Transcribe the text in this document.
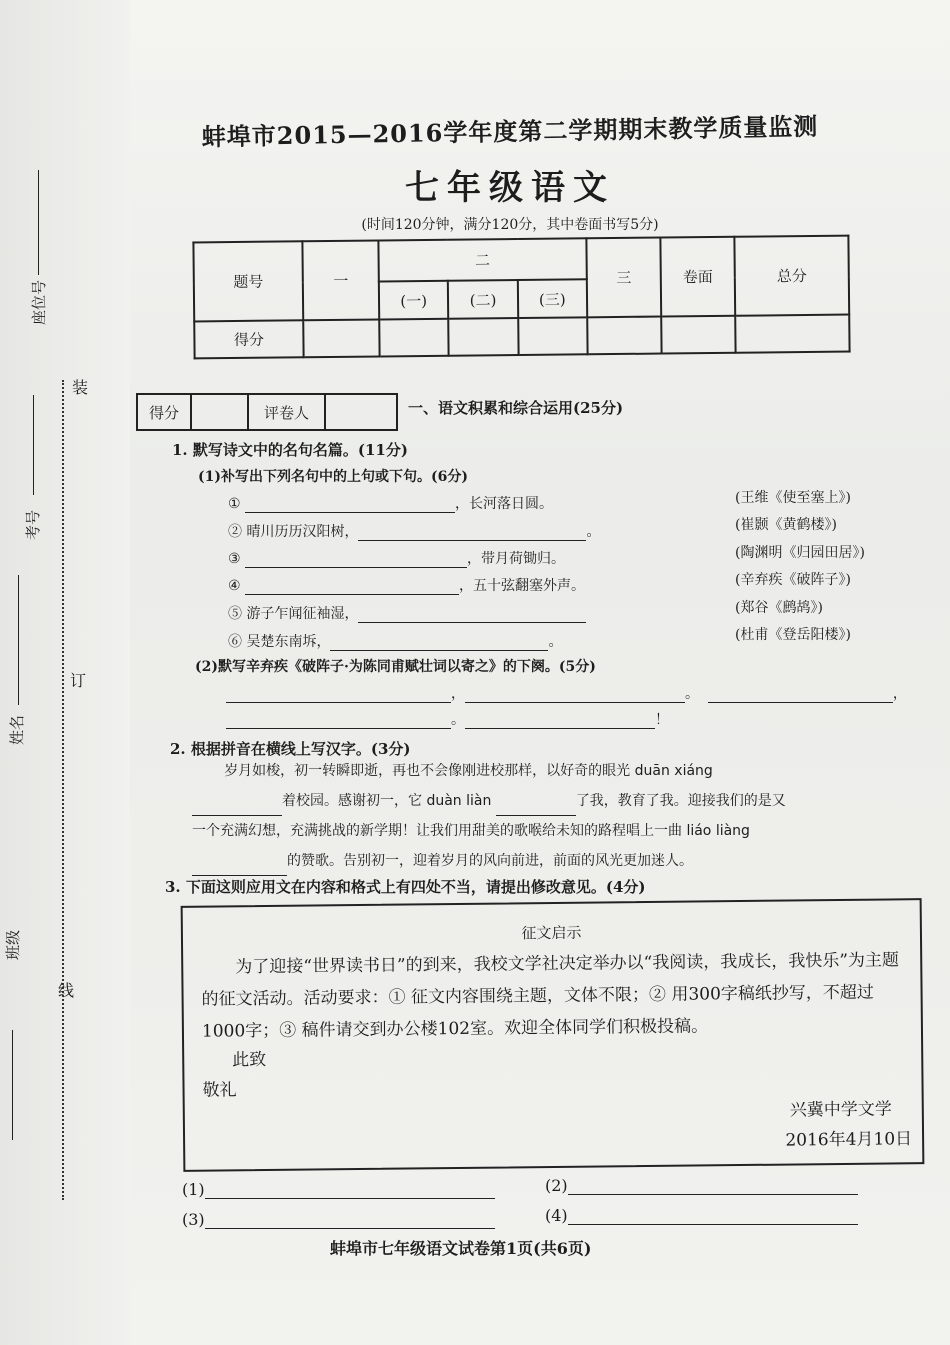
座位号
考号
姓名
班级
装
订
线
蚌埠市2015—2016学年度第二学期期末教学质量监测
七年级语文
(时间120分钟，满分120分，其中卷面书写5分)
题号	一	二			三	卷面	总分
		(一)	(二)	(三)			
得分							
得分	评卷人	一、语文积累和综合运用(25分)
1. 默写诗文中的名句名篇。(11分)
(1)补写出下列名句中的上句或下句。(6分)
①	，长河落日圆。	(王维《使至塞上》)
② 晴川历历汉阳树，	。	(崔颢《黄鹤楼》)
③	，带月荷锄归。	(陶渊明《归园田居》)
④	，五十弦翻塞外声。	(辛弃疾《破阵子》)
⑤ 游子乍闻征袖湿，	(郑谷《鹧鸪》)
⑥ 吴楚东南坼，	。	(杜甫《登岳阳楼》)
(2)默写辛弃疾《破阵子·为陈同甫赋壮词以寄之》的下阕。(5分)
，	。	，
。	！
2. 根据拼音在横线上写汉字。(3分)
岁月如梭，初一转瞬即逝，再也不会像刚进校那样，以好奇的眼光 duān xiáng
着校园。感谢初一，它 duàn liàn	了我，教育了我。迎接我们的是又
一个充满幻想，充满挑战的新学期！让我们用甜美的歌喉给未知的路程唱上一曲 liáo liàng
的赞歌。告别初一，迎着岁月的风向前进，前面的风光更加迷人。
3. 下面这则应用文在内容和格式上有四处不当，请提出修改意见。(4分)
征文启示
为了迎接“世界读书日”的到来，我校文学社决定举办以“我阅读，我成长，我快乐”为主题的征文活动。活动要求：① 征文内容围绕主题，文体不限；② 用300字稿纸抄写，不超过1000字；③ 稿件请交到办公楼102室。欢迎全体同学们积极投稿。
此致
敬礼
兴冀中学文学
2016年4月10日
(1)	(2)
(3)	(4)
蚌埠市七年级语文试卷第1页(共6页)
